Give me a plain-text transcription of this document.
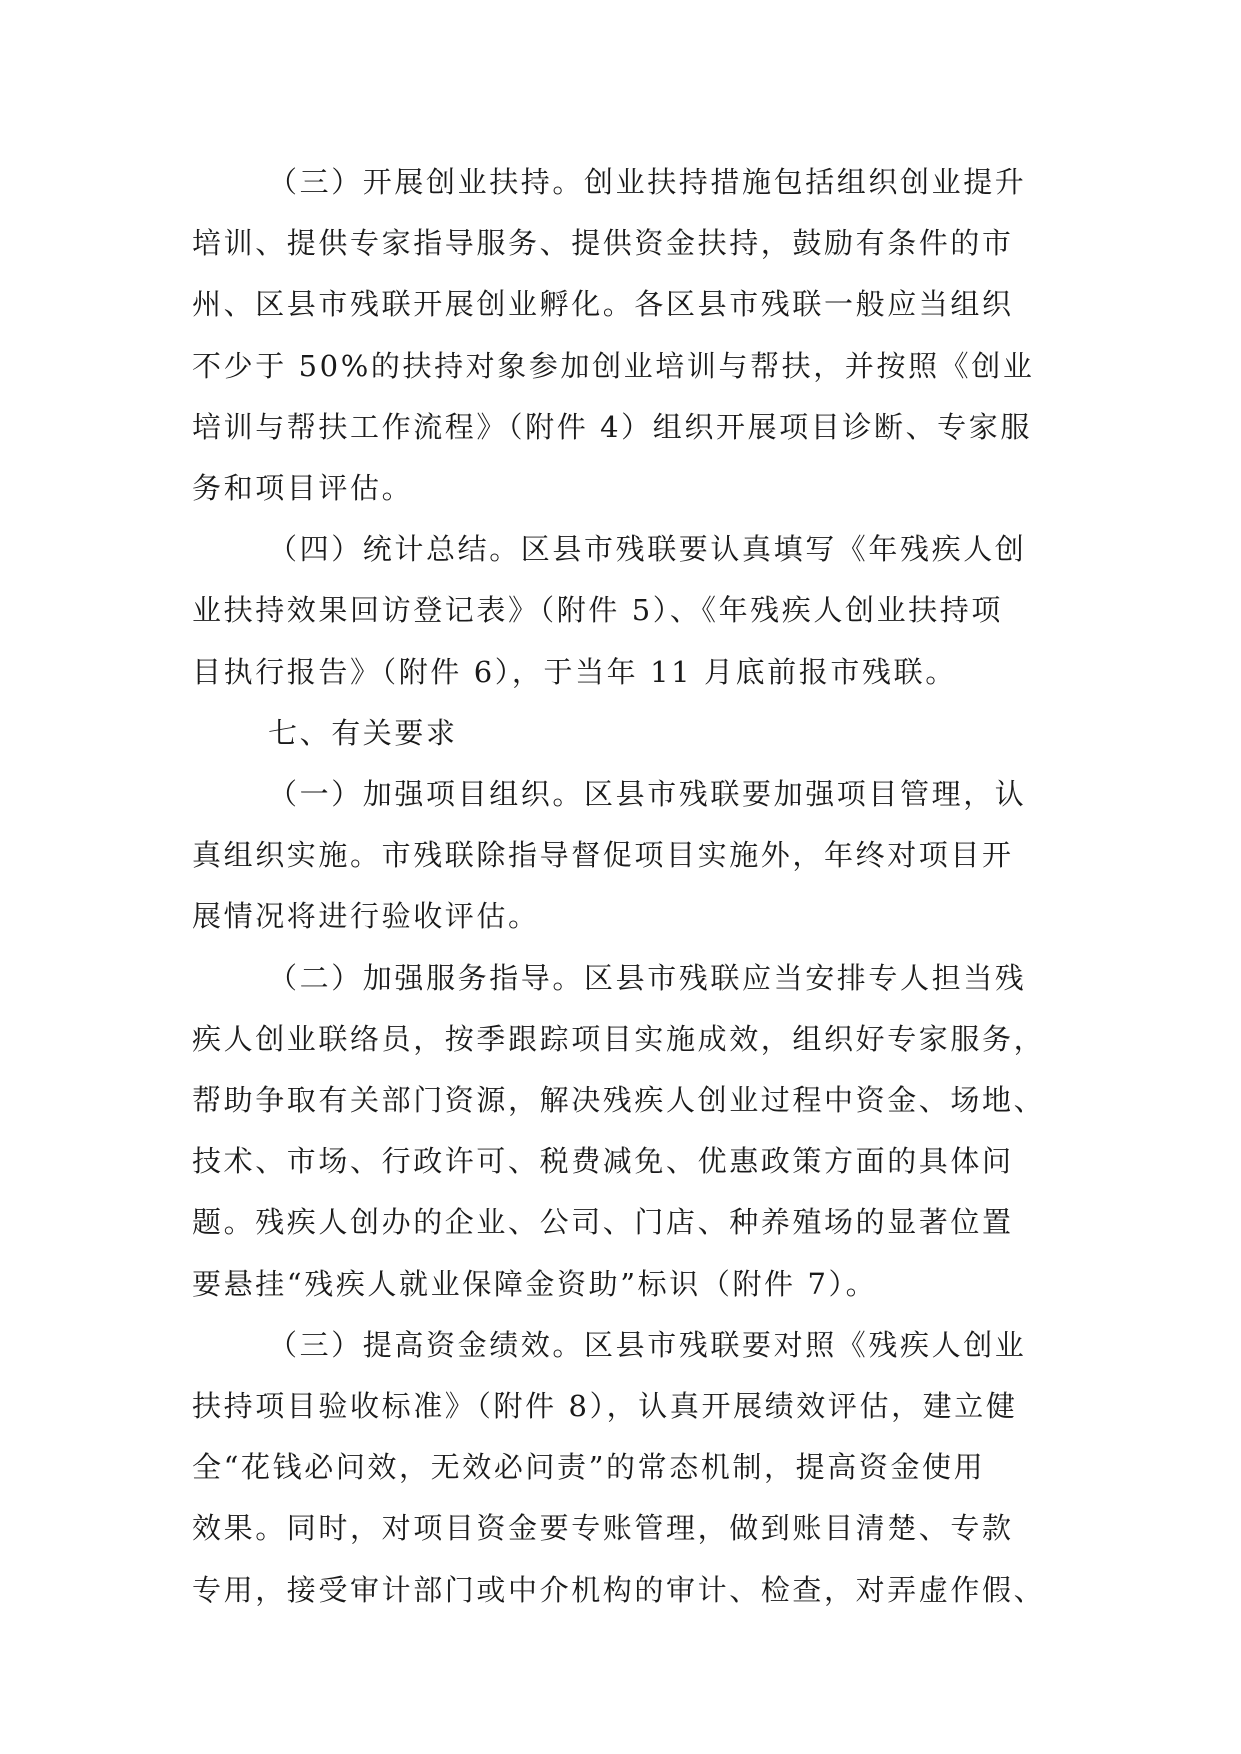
（三）开展创业扶持。创业扶持措施包括组织创业提升
培训、提供专家指导服务、提供资金扶持，鼓励有条件的市
州、区县市残联开展创业孵化。各区县市残联一般应当组织
不少于 50%的扶持对象参加创业培训与帮扶，并按照《创业
培训与帮扶工作流程》（附件 4）组织开展项目诊断、专家服
务和项目评估。

（四）统计总结。区县市残联要认真填写《年残疾人创
业扶持效果回访登记表》（附件 5）、《年残疾人创业扶持项
目执行报告》（附件 6），于当年 11 月底前报市残联。

七、有关要求

（一）加强项目组织。区县市残联要加强项目管理，认
真组织实施。市残联除指导督促项目实施外，年终对项目开
展情况将进行验收评估。

（二）加强服务指导。区县市残联应当安排专人担当残
疾人创业联络员，按季跟踪项目实施成效，组织好专家服务，
帮助争取有关部门资源，解决残疾人创业过程中资金、场地、
技术、市场、行政许可、税费减免、优惠政策方面的具体问
题。残疾人创办的企业、公司、门店、种养殖场的显著位置
要悬挂“残疾人就业保障金资助”标识（附件 7）。

（三）提高资金绩效。区县市残联要对照《残疾人创业
扶持项目验收标准》（附件 8），认真开展绩效评估，建立健
全“花钱必问效，无效必问责”的常态机制，提高资金使用
效果。同时，对项目资金要专账管理，做到账目清楚、专款
专用，接受审计部门或中介机构的审计、检查，对弄虚作假、
